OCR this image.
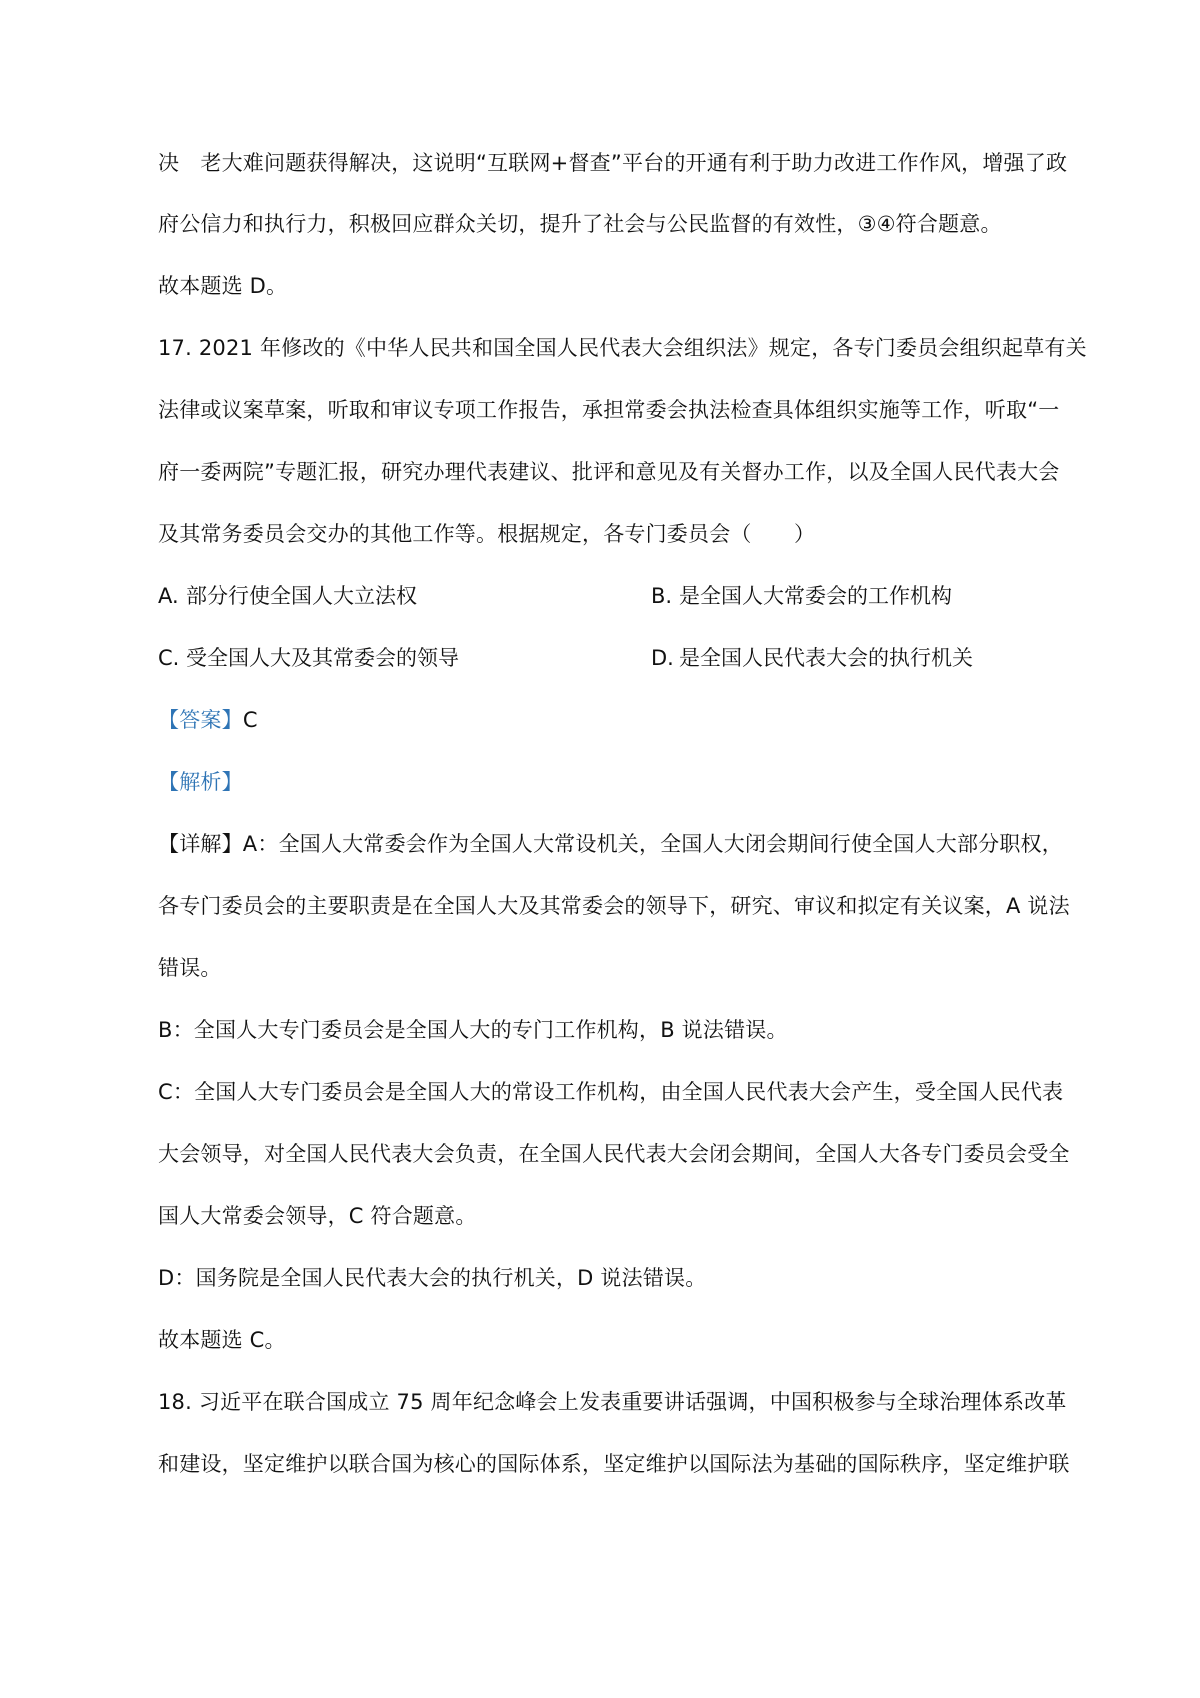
决　老大难问题获得解决，这说明“互联网+督查”平台的开通有利于助力改进工作作风，增强了政
府公信力和执行力，积极回应群众关切，提升了社会与公民监督的有效性，③④符合题意。
故本题选 D。
17. 2021 年修改的《中华人民共和国全国人民代表大会组织法》规定，各专门委员会组织起草有关
法律或议案草案，听取和审议专项工作报告，承担常委会执法检查具体组织实施等工作，听取“一
府一委两院”专题汇报，研究办理代表建议、批评和意见及有关督办工作，以及全国人民代表大会
及其常务委员会交办的其他工作等。根据规定，各专门委员会（　　）
A. 部分行使全国人大立法权	B. 是全国人大常委会的工作机构
C. 受全国人大及其常委会的领导	D. 是全国人民代表大会的执行机关
【答案】C
【解析】
【详解】A：全国人大常委会作为全国人大常设机关，全国人大闭会期间行使全国人大部分职权，
各专门委员会的主要职责是在全国人大及其常委会的领导下，研究、审议和拟定有关议案，A 说法
错误。
B：全国人大专门委员会是全国人大的专门工作机构，B 说法错误。
C：全国人大专门委员会是全国人大的常设工作机构，由全国人民代表大会产生，受全国人民代表
大会领导，对全国人民代表大会负责，在全国人民代表大会闭会期间，全国人大各专门委员会受全
国人大常委会领导，C 符合题意。
D：国务院是全国人民代表大会的执行机关，D 说法错误。
故本题选 C。
18. 习近平在联合国成立 75 周年纪念峰会上发表重要讲话强调，中国积极参与全球治理体系改革
和建设，坚定维护以联合国为核心的国际体系，坚定维护以国际法为基础的国际秩序，坚定维护联
